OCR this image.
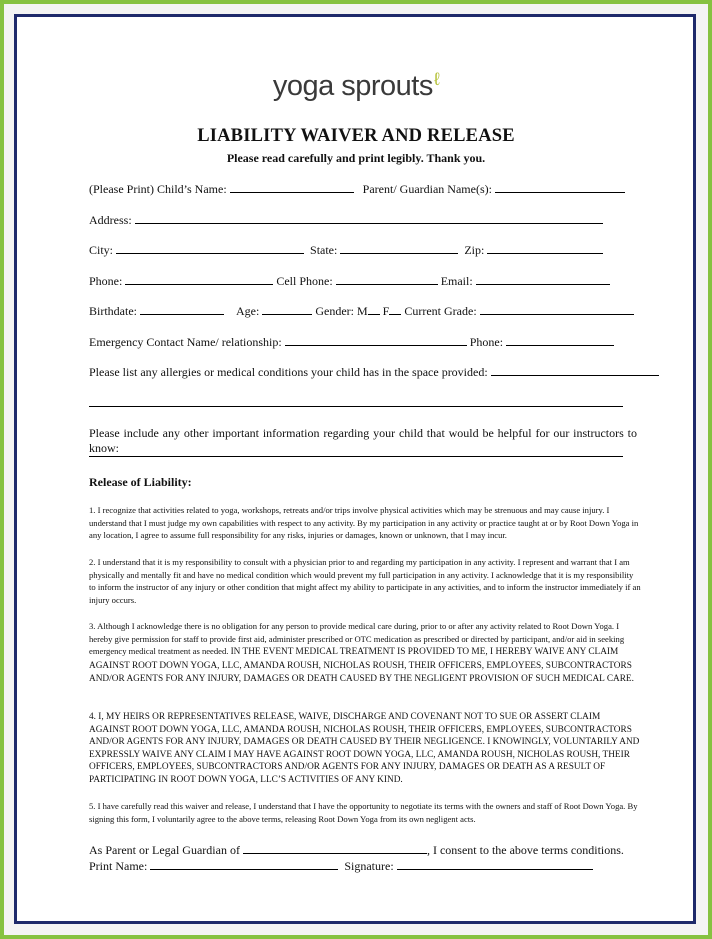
yoga sprouts$^\ell$
LIABILITY WAIVER AND RELEASE
Please read carefully and print legibly. Thank you.
(Please Print) Child’s Name:	Parent/ Guardian Name(s):
Address:
City:	State:	Zip:
Phone:	Cell Phone:	Email:
Birthdate:	Age:	Gender: M F Current Grade:
Emergency Contact Name/ relationship:	Phone:
Please list any allergies or medical conditions your child has in the space provided:
Please include any other important information regarding your child that would be helpful for our instructors to know:
Release of Liability:
1. I recognize that activities related to yoga, workshops, retreats and/or trips involve physical activities which may be strenuous and may cause injury. I understand that I must judge my own capabilities with respect to any activity. By my participation in any activity or practice taught at or by Root Down Yoga in any location, I agree to assume full responsibility for any risks, injuries or damages, known or unknown, that I may incur.
2. I understand that it is my responsibility to consult with a physician prior to and regarding my participation in any activity. I represent and warrant that I am physically and mentally fit and have no medical condition which would prevent my full participation in any activity. I acknowledge that it is my responsibility to inform the instructor of any injury or other condition that might affect my ability to participate in any activities, and to inform the instructor immediately if an injury occurs.
3. Although I acknowledge there is no obligation for any person to provide medical care during, prior to or after any activity related to Root Down Yoga. I hereby give permission for staff to provide first aid, administer prescribed or OTC medication as prescribed or directed by participant, and/or aid in seeking emergency medical treatment as needed. IN THE EVENT MEDICAL TREATMENT IS PROVIDED TO ME, I HEREBY WAIVE ANY CLAIM AGAINST ROOT DOWN YOGA, LLC, AMANDA ROUSH, NICHOLAS ROUSH, THEIR OFFICERS, EMPLOYEES, SUBCONTRACTORS AND/OR AGENTS FOR ANY INJURY, DAMAGES OR DEATH CAUSED BY THE NEGLIGENT PROVISION OF SUCH MEDICAL CARE.
4. I, MY HEIRS OR REPRESENTATIVES RELEASE, WAIVE, DISCHARGE AND COVENANT NOT TO SUE OR ASSERT CLAIM AGAINST ROOT DOWN YOGA, LLC, AMANDA ROUSH, NICHOLAS ROUSH, THEIR OFFICERS, EMPLOYEES, SUBCONTRACTORS AND/OR AGENTS FOR ANY INJURY, DAMAGES OR DEATH CAUSED BY THEIR NEGLIGENCE. I KNOWINGLY, VOLUNTARILY AND EXPRESSLY WAIVE ANY CLAIM I MAY HAVE AGAINST ROOT DOWN YOGA, LLC, AMANDA ROUSH, NICHOLAS ROUSH, THEIR OFFICERS, EMPLOYEES, SUBCONTRACTORS AND/OR AGENTS FOR ANY INJURY, DAMAGES OR DEATH AS A RESULT OF PARTICIPATING IN ROOT DOWN YOGA, LLC’S ACTIVITIES OF ANY KIND.
5. I have carefully read this waiver and release, I understand that I have the opportunity to negotiate its terms with the owners and staff of Root Down Yoga. By signing this form, I voluntarily agree to the above terms, releasing Root Down Yoga from its own negligent acts.
As Parent or Legal Guardian of	, I consent to the above terms conditions.
Print Name:	Signature:
